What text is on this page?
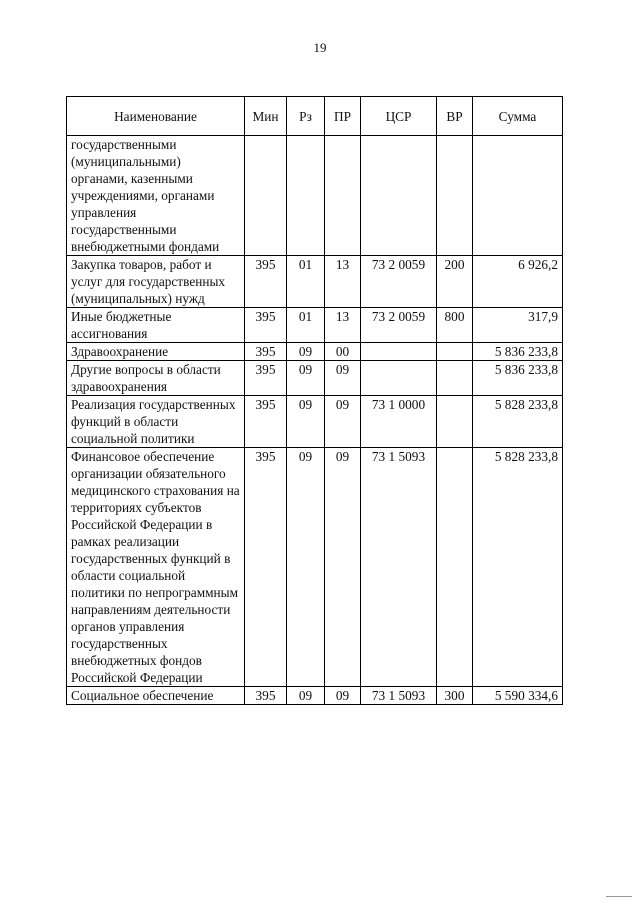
19
Наименование	Мин	Рз	ПР	ЦСР	ВР	Сумма
государственными (муниципальными) органами, казенными учреждениями, органами управления государственными внебюджетными фондами						
Закупка товаров, работ и услуг для государственных (муниципальных) нужд	395	01	13	73 2 0059	200	6 926,2
Иные бюджетные ассигнования	395	01	13	73 2 0059	800	317,9
Здравоохранение	395	09	00			5 836 233,8
Другие вопросы в области здравоохранения	395	09	09			5 836 233,8
Реализация государственных функций в области социальной политики	395	09	09	73 1 0000		5 828 233,8
Финансовое обеспечение организации обязательного медицинского страхования на территориях субъектов Российской Федерации в рамках реализации государственных функций в области социальной политики по непрограммным направлениям деятельности органов управления государственных внебюджетных фондов Российской Федерации	395	09	09	73 1 5093		5 828 233,8
Социальное обеспечение	395	09	09	73 1 5093	300	5 590 334,6
